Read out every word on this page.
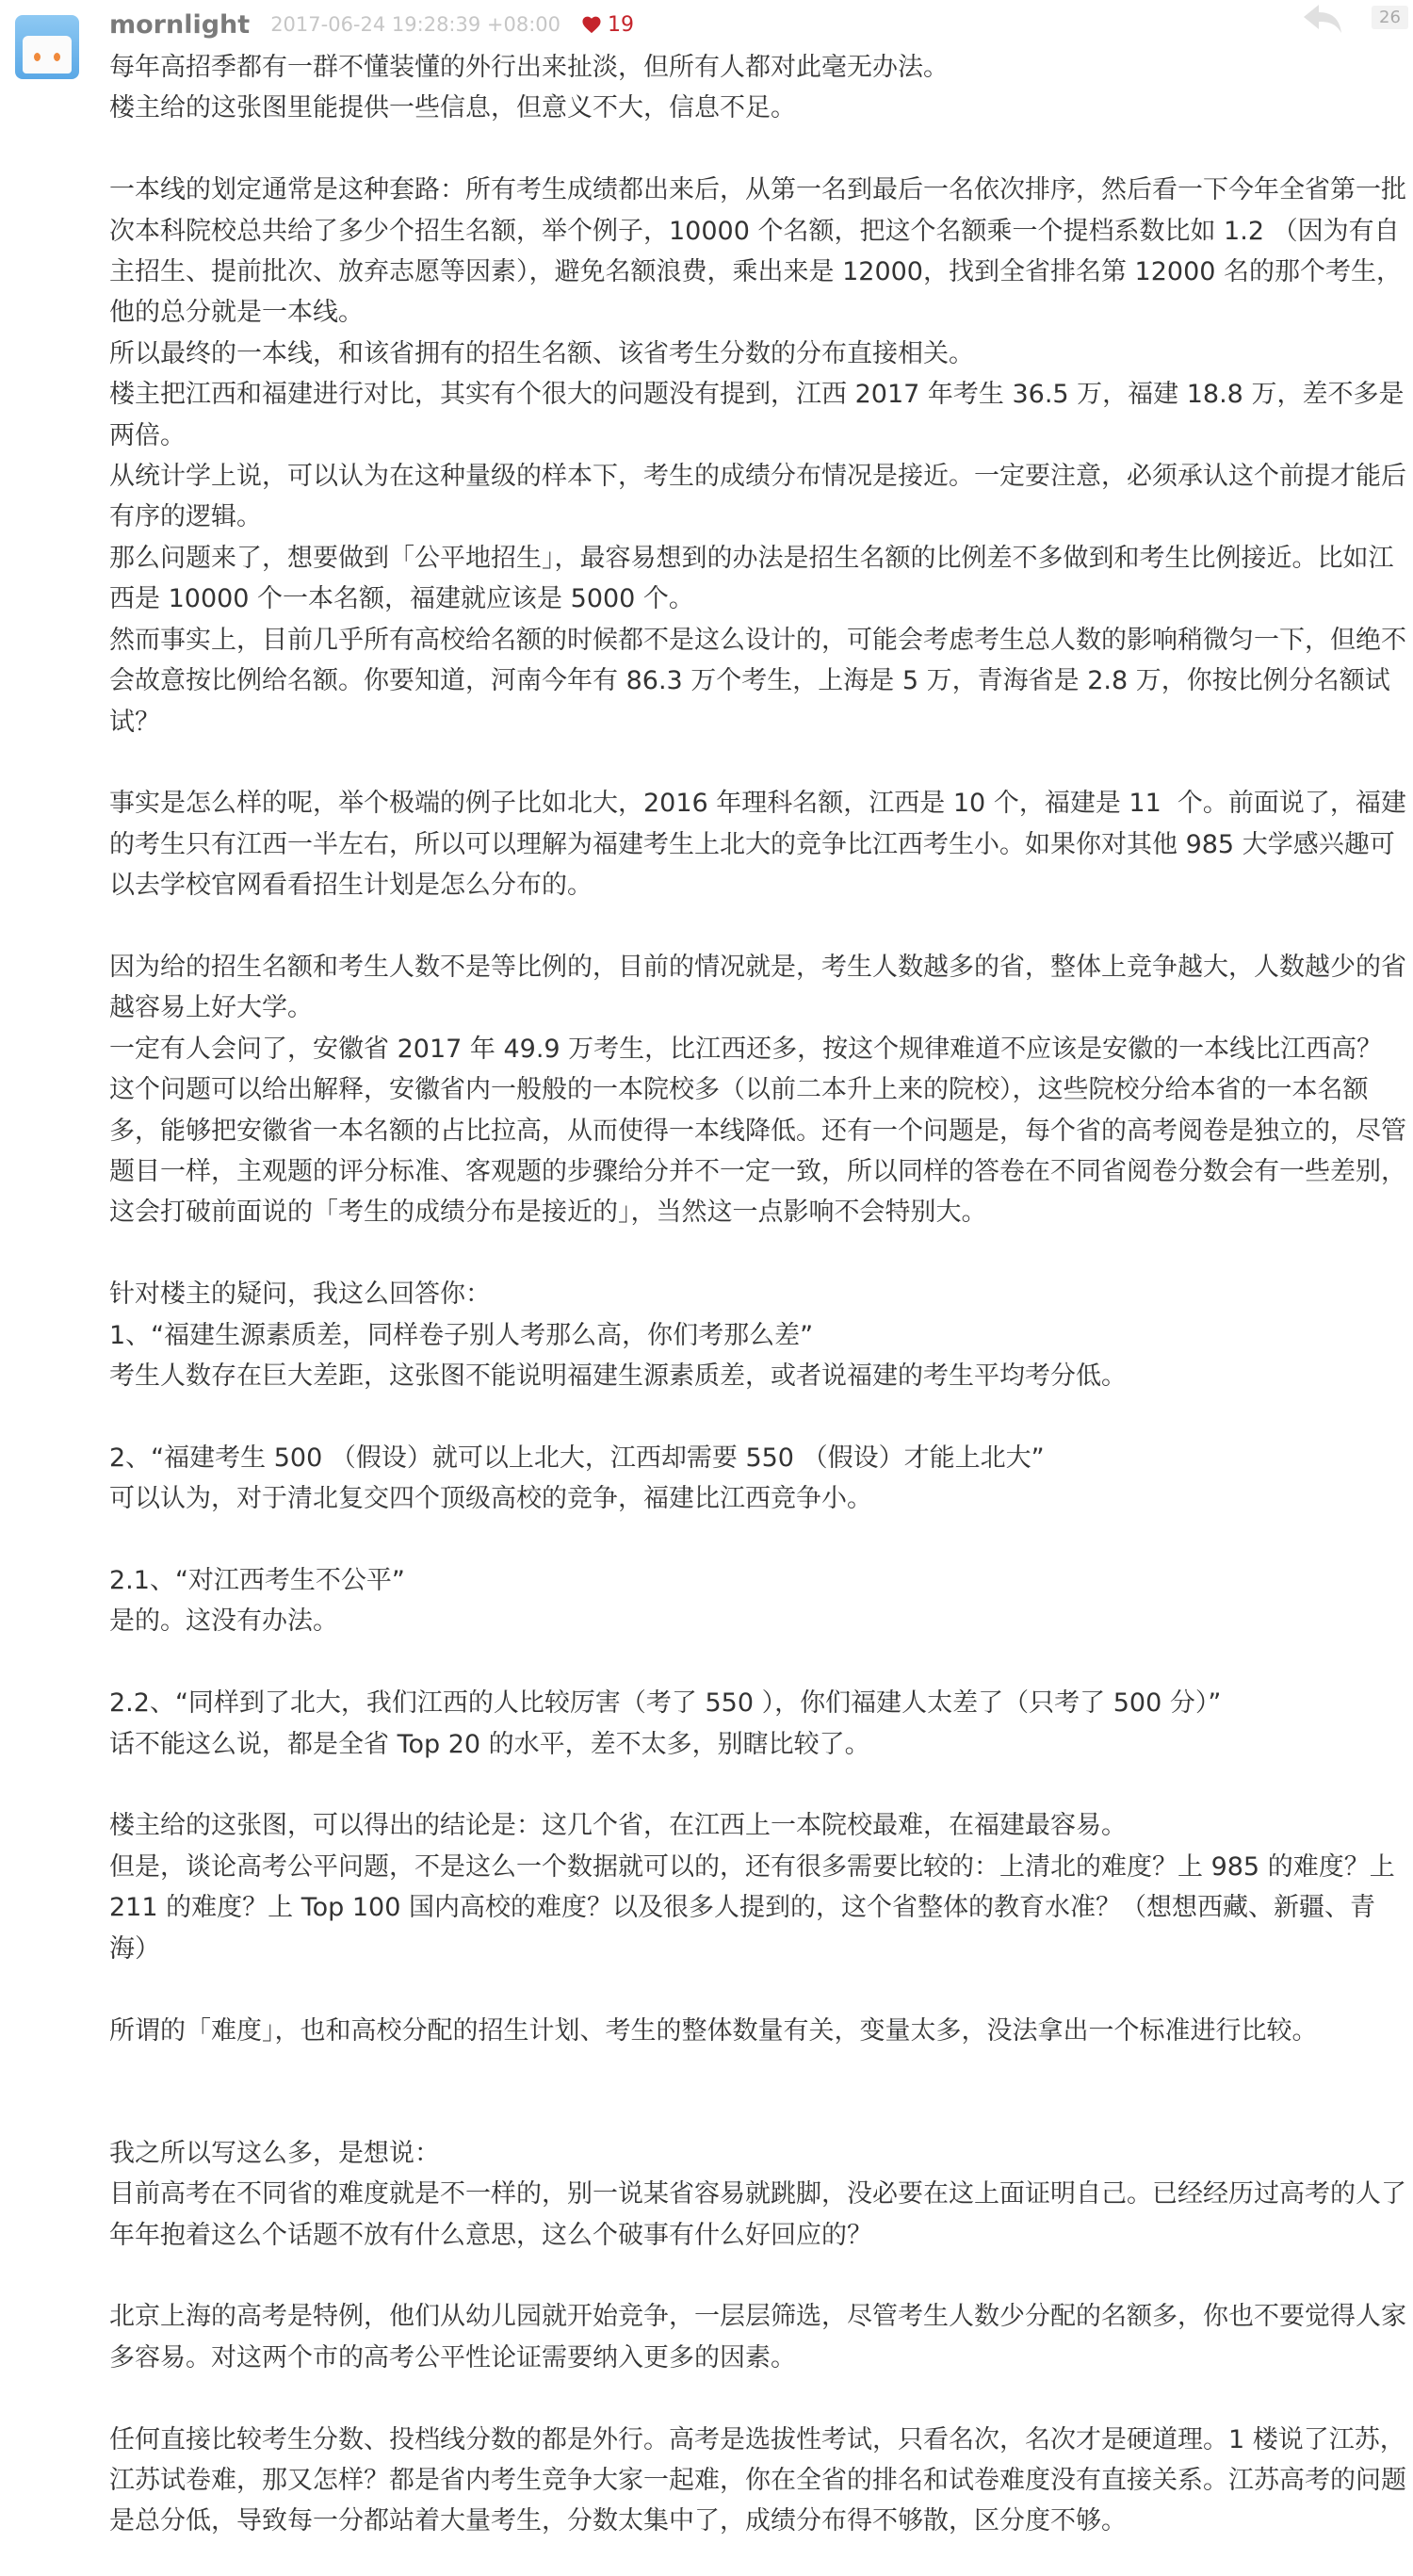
mornlight 2017-06-24 19:28:39 +08:00 19	26

每年高招季都有一群不懂装懂的外行出来扯淡，但所有人都对此毫无办法。

楼主给的这张图里能提供一些信息，但意义不大，信息不足。

一本线的划定通常是这种套路：所有考生成绩都出来后，从第一名到最后一名依次排序，然后看一下今年全省第一批次本科院校总共给了多少个招生名额，举个例子，10000 个名额，把这个名额乘一个提档系数比如 1.2 （因为有自主招生、提前批次、放弃志愿等因素），避免名额浪费，乘出来是 12000，找到全省排名第 12000 名的那个考生，他的总分就是一本线。

所以最终的一本线，和该省拥有的招生名额、该省考生分数的分布直接相关。

楼主把江西和福建进行对比，其实有个很大的问题没有提到，江西 2017 年考生 36.5 万，福建 18.8 万，差不多是两倍。

从统计学上说，可以认为在这种量级的样本下，考生的成绩分布情况是接近。一定要注意，必须承认这个前提才能后有序的逻辑。

那么问题来了，想要做到「公平地招生」，最容易想到的办法是招生名额的比例差不多做到和考生比例接近。比如江西是 10000 个一本名额，福建就应该是 5000 个。

然而事实上，目前几乎所有高校给名额的时候都不是这么设计的，可能会考虑考生总人数的影响稍微匀一下，但绝不会故意按比例给名额。你要知道，河南今年有 86.3 万个考生，上海是 5 万，青海省是 2.8 万，你按比例分名额试试？

事实是怎么样的呢，举个极端的例子比如北大，2016 年理科名额，江西是 10 个，福建是 11  个。前面说了，福建的考生只有江西一半左右，所以可以理解为福建考生上北大的竞争比江西考生小。如果你对其他 985 大学感兴趣可以去学校官网看看招生计划是怎么分布的。

因为给的招生名额和考生人数不是等比例的，目前的情况就是，考生人数越多的省，整体上竞争越大，人数越少的省越容易上好大学。

一定有人会问了，安徽省 2017 年 49.9 万考生，比江西还多，按这个规律难道不应该是安徽的一本线比江西高？这个问题可以给出解释，安徽省内一般般的一本院校多（以前二本升上来的院校），这些院校分给本省的一本名额多，能够把安徽省一本名额的占比拉高，从而使得一本线降低。还有一个问题是，每个省的高考阅卷是独立的，尽管题目一样，主观题的评分标准、客观题的步骤给分并不一定一致，所以同样的答卷在不同省阅卷分数会有一些差别，这会打破前面说的「考生的成绩分布是接近的」，当然这一点影响不会特别大。

针对楼主的疑问，我这么回答你：

1、“福建生源素质差，同样卷子别人考那么高，你们考那么差”

考生人数存在巨大差距，这张图不能说明福建生源素质差，或者说福建的考生平均考分低。

2、“福建考生 500 （假设）就可以上北大，江西却需要 550 （假设）才能上北大”

可以认为，对于清北复交四个顶级高校的竞争，福建比江西竞争小。

2.1、“对江西考生不公平”

是的。这没有办法。

2.2、“同样到了北大，我们江西的人比较厉害（考了 550 ），你们福建人太差了（只考了 500 分）”

话不能这么说，都是全省 Top 20 的水平，差不太多，别瞎比较了。

楼主给的这张图，可以得出的结论是：这几个省，在江西上一本院校最难，在福建最容易。

但是，谈论高考公平问题，不是这么一个数据就可以的，还有很多需要比较的：上清北的难度？上 985 的难度？上 211 的难度？上 Top 100 国内高校的难度？以及很多人提到的，这个省整体的教育水准？（想想西藏、新疆、青海）

所谓的「难度」，也和高校分配的招生计划、考生的整体数量有关，变量太多，没法拿出一个标准进行比较。

我之所以写这么多，是想说：

目前高考在不同省的难度就是不一样的，别一说某省容易就跳脚，没必要在这上面证明自己。已经经历过高考的人了年年抱着这么个话题不放有什么意思，这么个破事有什么好回应的？

北京上海的高考是特例，他们从幼儿园就开始竞争，一层层筛选，尽管考生人数少分配的名额多，你也不要觉得人家多容易。对这两个市的高考公平性论证需要纳入更多的因素。

任何直接比较考生分数、投档线分数的都是外行。高考是选拔性考试，只看名次，名次才是硬道理。1 楼说了江苏，江苏试卷难，那又怎样？都是省内考生竞争大家一起难，你在全省的排名和试卷难度没有直接关系。江苏高考的问题是总分低，导致每一分都站着大量考生，分数太集中了，成绩分布得不够散，区分度不够。
